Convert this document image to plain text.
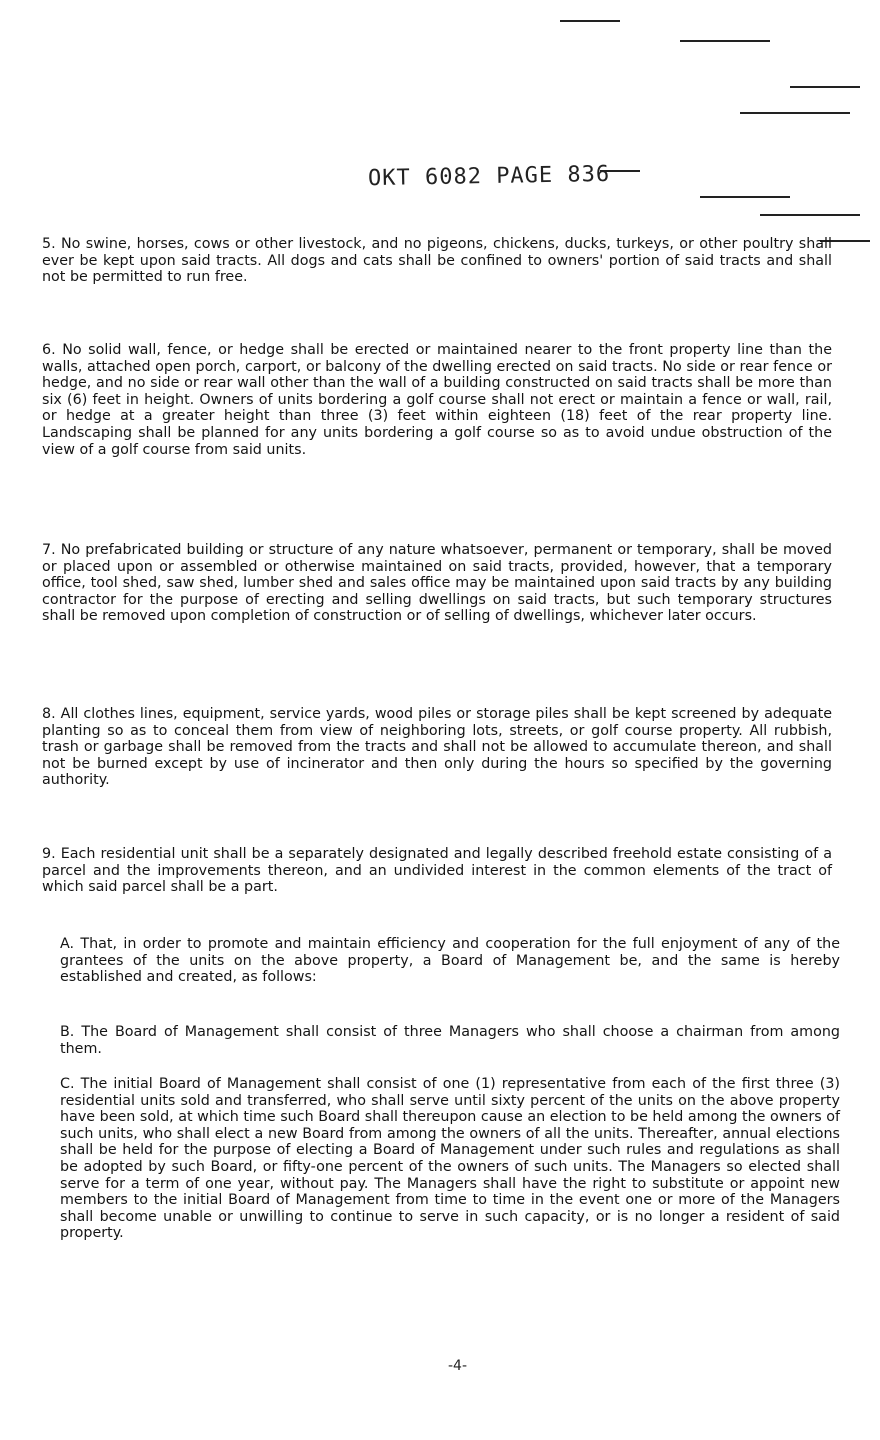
OKT 6082 PAGE 836

5. No swine, horses, cows or other livestock, and no pigeons, chickens, ducks, turkeys, or other poultry shall ever be kept upon said tracts. All dogs and cats shall be confined to owners' portion of said tracts and shall not be permitted to run free.

6. No solid wall, fence, or hedge shall be erected or maintained nearer to the front property line than the walls, attached open porch, carport, or balcony of the dwelling erected on said tracts. No side or rear fence or hedge, and no side or rear wall other than the wall of a building constructed on said tracts shall be more than six (6) feet in height. Owners of units bordering a golf course shall not erect or maintain a fence or wall, rail, or hedge at a greater height than three (3) feet within eighteen (18) feet of the rear property line. Landscaping shall be planned for any units bordering a golf course so as to avoid undue obstruction of the view of a golf course from said units.

7. No prefabricated building or structure of any nature whatsoever, permanent or temporary, shall be moved or placed upon or assembled or otherwise maintained on said tracts, provided, however, that a temporary office, tool shed, saw shed, lumber shed and sales office may be maintained upon said tracts by any building contractor for the purpose of erecting and selling dwellings on said tracts, but such temporary structures shall be removed upon completion of construction or of selling of dwellings, whichever later occurs.

8. All clothes lines, equipment, service yards, wood piles or storage piles shall be kept screened by adequate planting so as to conceal them from view of neighboring lots, streets, or golf course property. All rubbish, trash or garbage shall be removed from the tracts and shall not be allowed to accumulate thereon, and shall not be burned except by use of incinerator and then only during the hours so specified by the governing authority.

9. Each residential unit shall be a separately designated and legally described freehold estate consisting of a parcel and the improvements thereon, and an undivided interest in the common elements of the tract of which said parcel shall be a part.

A. That, in order to promote and maintain efficiency and cooperation for the full enjoyment of any of the grantees of the units on the above property, a Board of Management be, and the same is hereby established and created, as follows:

B. The Board of Management shall consist of three Managers who shall choose a chairman from among them.

C. The initial Board of Management shall consist of one (1) representative from each of the first three (3) residential units sold and transferred, who shall serve until sixty percent of the units on the above property have been sold, at which time such Board shall thereupon cause an election to be held among the owners of such units, who shall elect a new Board from among the owners of all the units. Thereafter, annual elections shall be held for the purpose of electing a Board of Management under such rules and regulations as shall be adopted by such Board, or fifty-one percent of the owners of such units. The Managers so elected shall serve for a term of one year, without pay. The Managers shall have the right to substitute or appoint new members to the initial Board of Management from time to time in the event one or more of the Managers shall become unable or unwilling to continue to serve in such capacity, or is no longer a resident of said property.

-4-
